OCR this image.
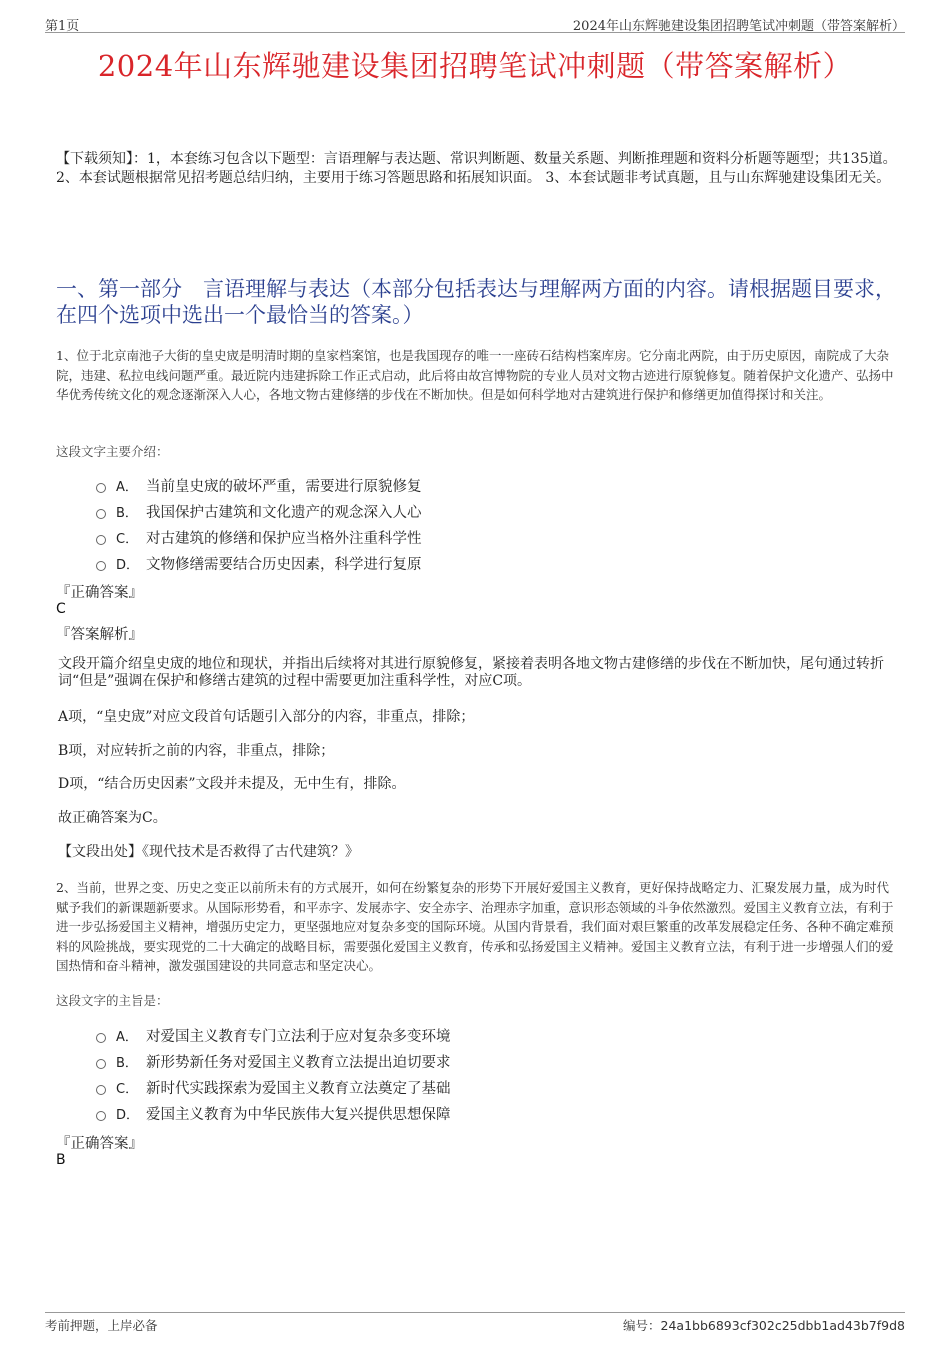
第1页	2024年山东辉驰建设集团招聘笔试冲刺题（带答案解析）
2024年山东辉驰建设集团招聘笔试冲刺题（带答案解析）
【下载须知】：1，本套练习包含以下题型：言语理解与表达题、常识判断题、数量关系题、判断推理题和资料分析题等题型；共135道。 2、本套试题根据常见招考题总结归纳，主要用于练习答题思路和拓展知识面。 3、本套试题非考试真题，且与山东辉驰建设集团无关。
一、第一部分　言语理解与表达（本部分包括表达与理解两方面的内容。请根据题目要求，在四个选项中选出一个最恰当的答案。）
1、位于北京南池子大街的皇史宬是明清时期的皇家档案馆，也是我国现存的唯一一座砖石结构档案库房。它分南北两院，由于历史原因，南院成了大杂院，违建、私拉电线问题严重。最近院内违建拆除工作正式启动，此后将由故宫博物院的专业人员对文物古迹进行原貌修复。随着保护文化遗产、弘扬中华优秀传统文化的观念逐渐深入人心，各地文物古建修缮的步伐在不断加快。但是如何科学地对古建筑进行保护和修缮更加值得探讨和关注。
这段文字主要介绍：
A． 当前皇史宬的破坏严重，需要进行原貌修复
B． 我国保护古建筑和文化遗产的观念深入人心
C． 对古建筑的修缮和保护应当格外注重科学性
D． 文物修缮需要结合历史因素，科学进行复原
『正确答案』
C
『答案解析』
文段开篇介绍皇史宬的地位和现状，并指出后续将对其进行原貌修复，紧接着表明各地文物古建修缮的步伐在不断加快，尾句通过转折词“但是”强调在保护和修缮古建筑的过程中需要更加注重科学性，对应C项。
A项，“皇史宬”对应文段首句话题引入部分的内容，非重点，排除；
B项，对应转折之前的内容，非重点，排除；
D项，“结合历史因素”文段并未提及，无中生有，排除。
故正确答案为C。
【文段出处】《现代技术是否救得了古代建筑？》
2、当前，世界之变、历史之变正以前所未有的方式展开，如何在纷繁复杂的形势下开展好爱国主义教育，更好保持战略定力、汇聚发展力量，成为时代赋予我们的新课题新要求。从国际形势看，和平赤字、发展赤字、安全赤字、治理赤字加重，意识形态领域的斗争依然激烈。爱国主义教育立法，有利于进一步弘扬爱国主义精神，增强历史定力，更坚强地应对复杂多变的国际环境。从国内背景看，我们面对艰巨繁重的改革发展稳定任务、各种不确定难预料的风险挑战，要实现党的二十大确定的战略目标，需要强化爱国主义教育，传承和弘扬爱国主义精神。爱国主义教育立法，有利于进一步增强人们的爱国热情和奋斗精神，激发强国建设的共同意志和坚定决心。
这段文字的主旨是：
A． 对爱国主义教育专门立法利于应对复杂多变环境
B． 新形势新任务对爱国主义教育立法提出迫切要求
C． 新时代实践探索为爱国主义教育立法奠定了基础
D． 爱国主义教育为中华民族伟大复兴提供思想保障
『正确答案』
B
考前押题，上岸必备	编号：24a1bb6893cf302c25dbb1ad43b7f9d8
